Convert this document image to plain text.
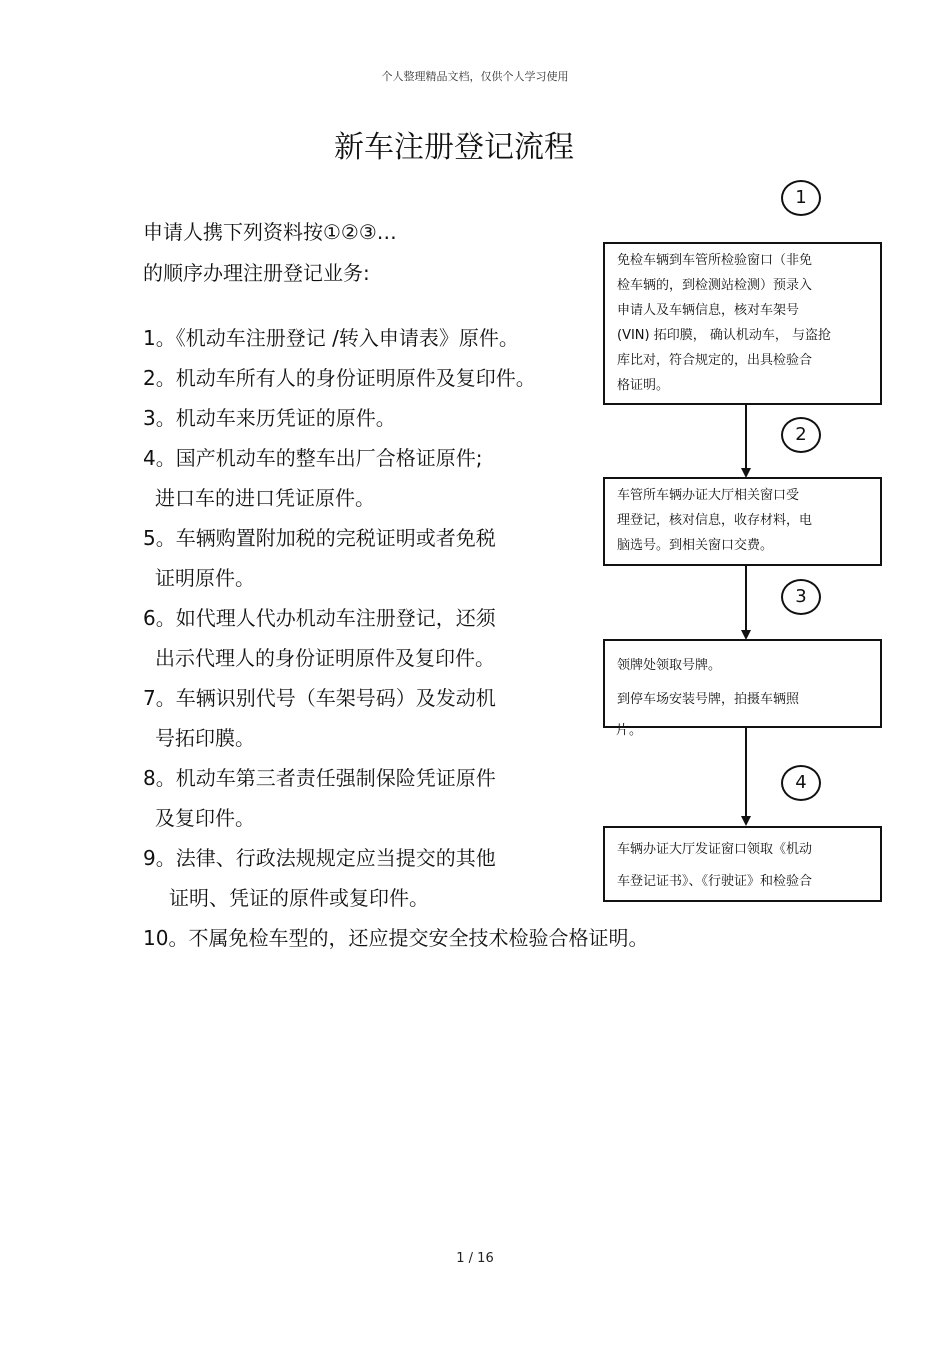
个人整理精品文档，仅供个人学习使用
新车注册登记流程
申请人携下列资料按①②③…
的顺序办理注册登记业务:
1。《机动车注册登记 /转入申请表》原件。
2。机动车所有人的身份证明原件及复印件。
3。机动车来历凭证的原件。
4。国产机动车的整车出厂合格证原件;
进口车的进口凭证原件。
5。车辆购置附加税的完税证明或者免税
证明原件。
6。如代理人代办机动车注册登记，还须
出示代理人的身份证明原件及复印件。
7。车辆识别代号（车架号码）及发动机
号拓印膜。
8。机动车第三者责任强制保险凭证原件
及复印件。
9。法律、行政法规规定应当提交的其他
证明、凭证的原件或复印件。
10。不属免检车型的，还应提交安全技术检验合格证明。
1
免检车辆到车管所检验窗口（非免
检车辆的，到检测站检测）预录入
申请人及车辆信息，核对车架号
(VIN) 拓印膜， 确认机动车， 与盗抢
库比对，符合规定的，出具检验合
格证明。
2
车管所车辆办证大厅相关窗口受
理登记，核对信息，收存材料，电
脑选号。到相关窗口交费。
3
领牌处领取号牌。
到停车场安装号牌，拍摄车辆照
片。
4
车辆办证大厅发证窗口领取《机动
车登记证书》、《行驶证》和检验合
1 / 16
